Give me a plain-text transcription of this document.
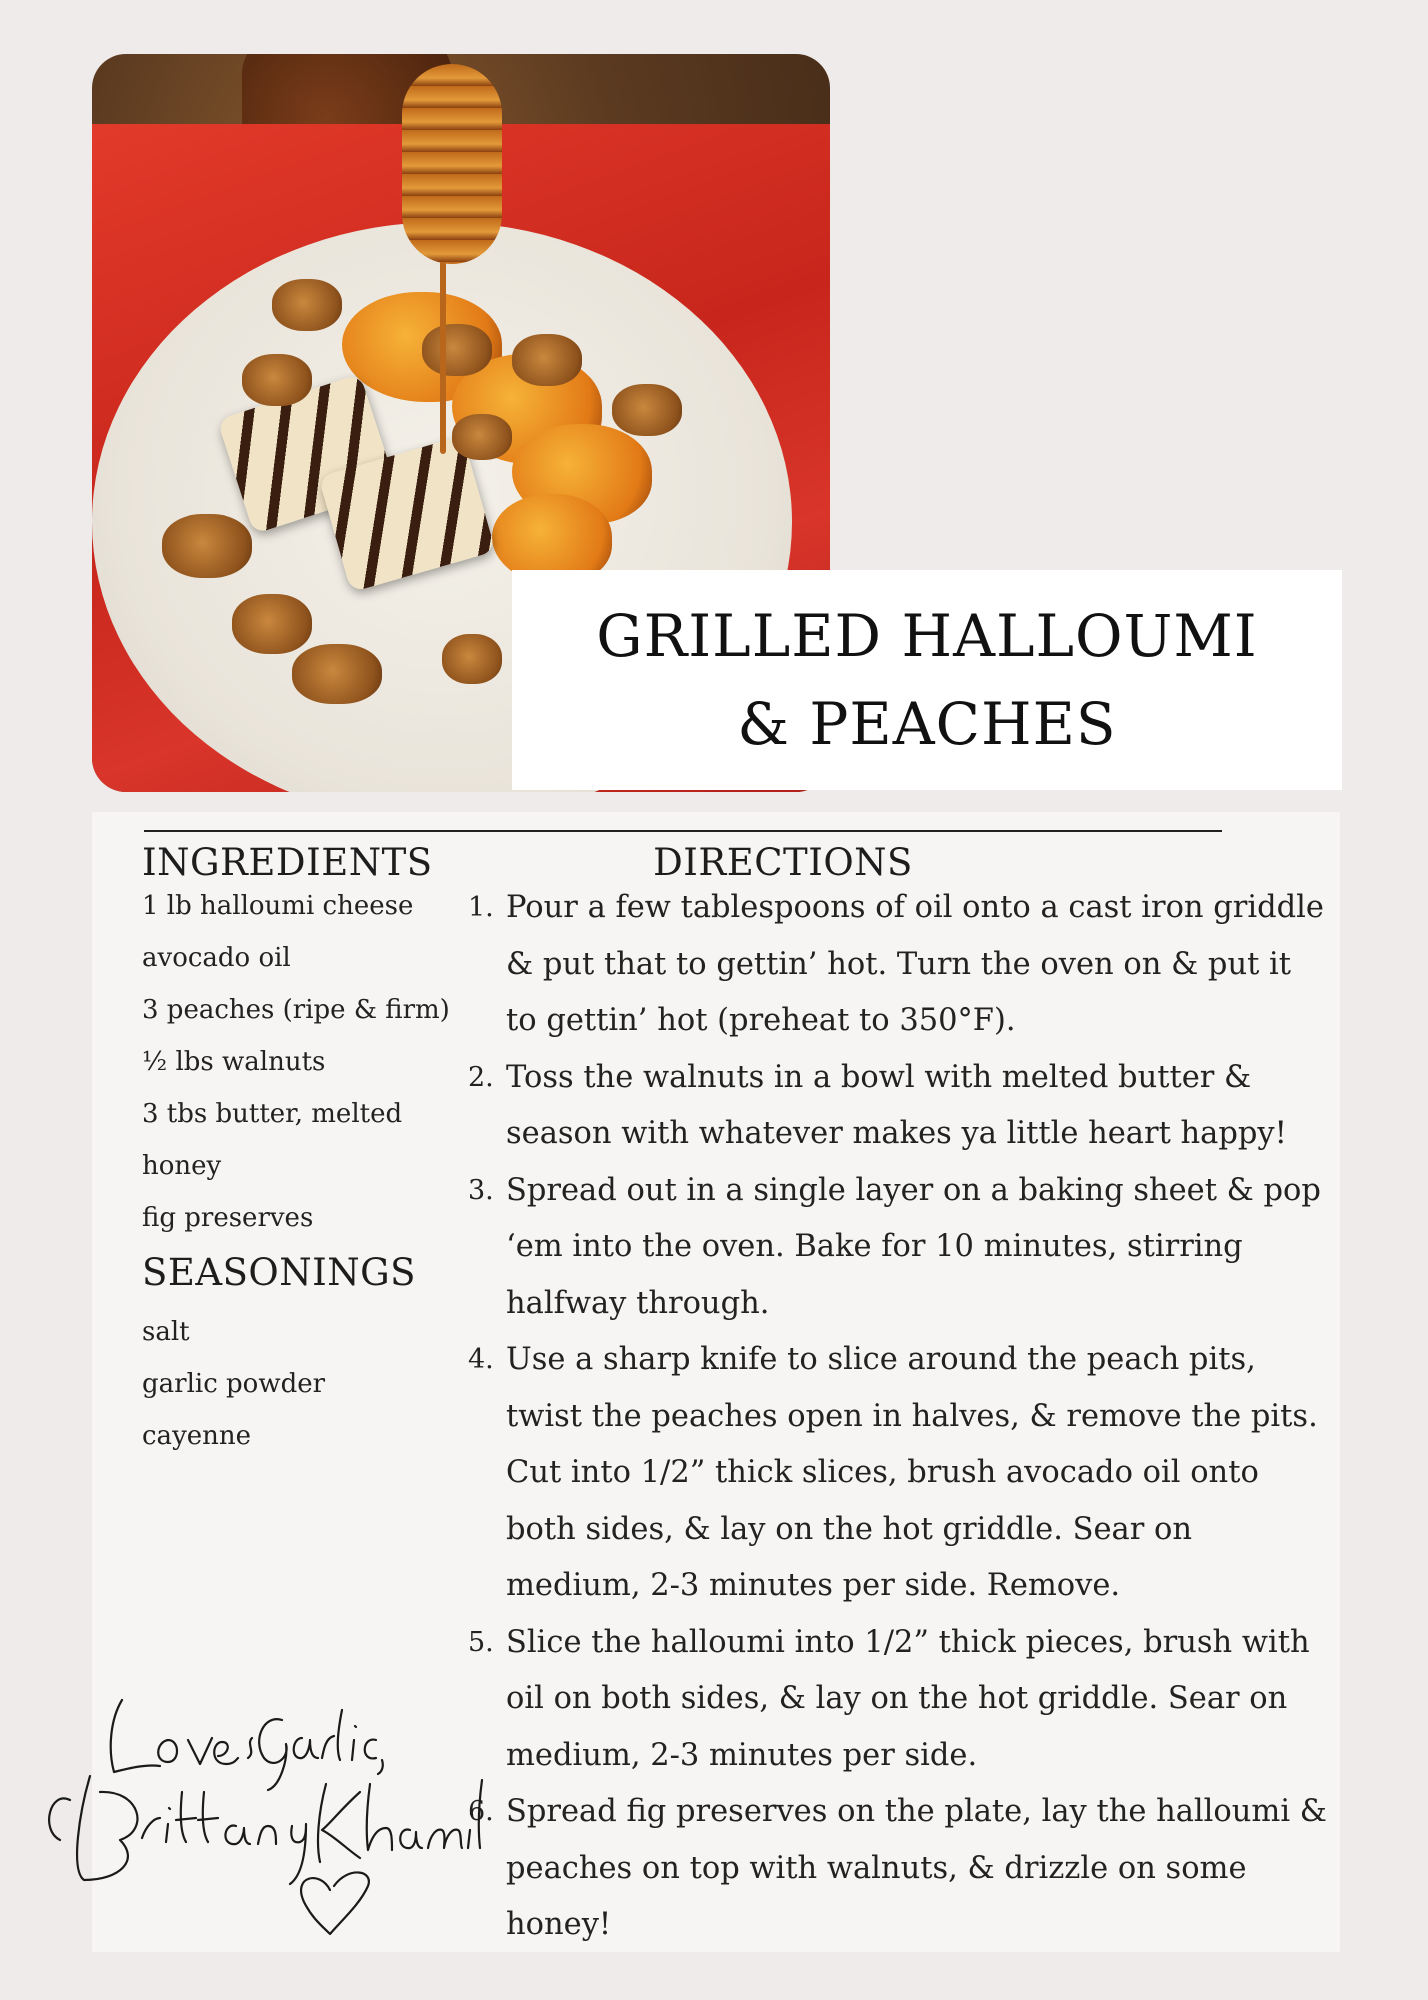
GRILLED HALLOUMI
& PEACHES
INGREDIENTS
1 lb halloumi cheese
avocado oil
3 peaches (ripe & firm)
½ lbs walnuts
3 tbs butter, melted
honey
fig preserves
SEASONINGS
salt
garlic powder
cayenne
DIRECTIONS
1. Pour a few tablespoons of oil onto a cast iron griddle & put that to gettin’ hot. Turn the oven on & put it to gettin’ hot (preheat to 350°F).
2. Toss the walnuts in a bowl with melted butter & season with whatever makes ya little heart happy!
3. Spread out in a single layer on a baking sheet & pop ‘em into the oven. Bake for 10 minutes, stirring halfway through.
4. Use a sharp knife to slice around the peach pits, twist the peaches open in halves, & remove the pits. Cut into 1/2” thick slices, brush avocado oil onto both sides, & lay on the hot griddle. Sear on medium, 2-3 minutes per side. Remove.
5. Slice the halloumi into 1/2” thick pieces, brush with oil on both sides, & lay on the hot griddle. Sear on medium, 2-3 minutes per side.
6. Spread fig preserves on the plate, lay the halloumi & peaches on top with walnuts, & drizzle on some honey!
